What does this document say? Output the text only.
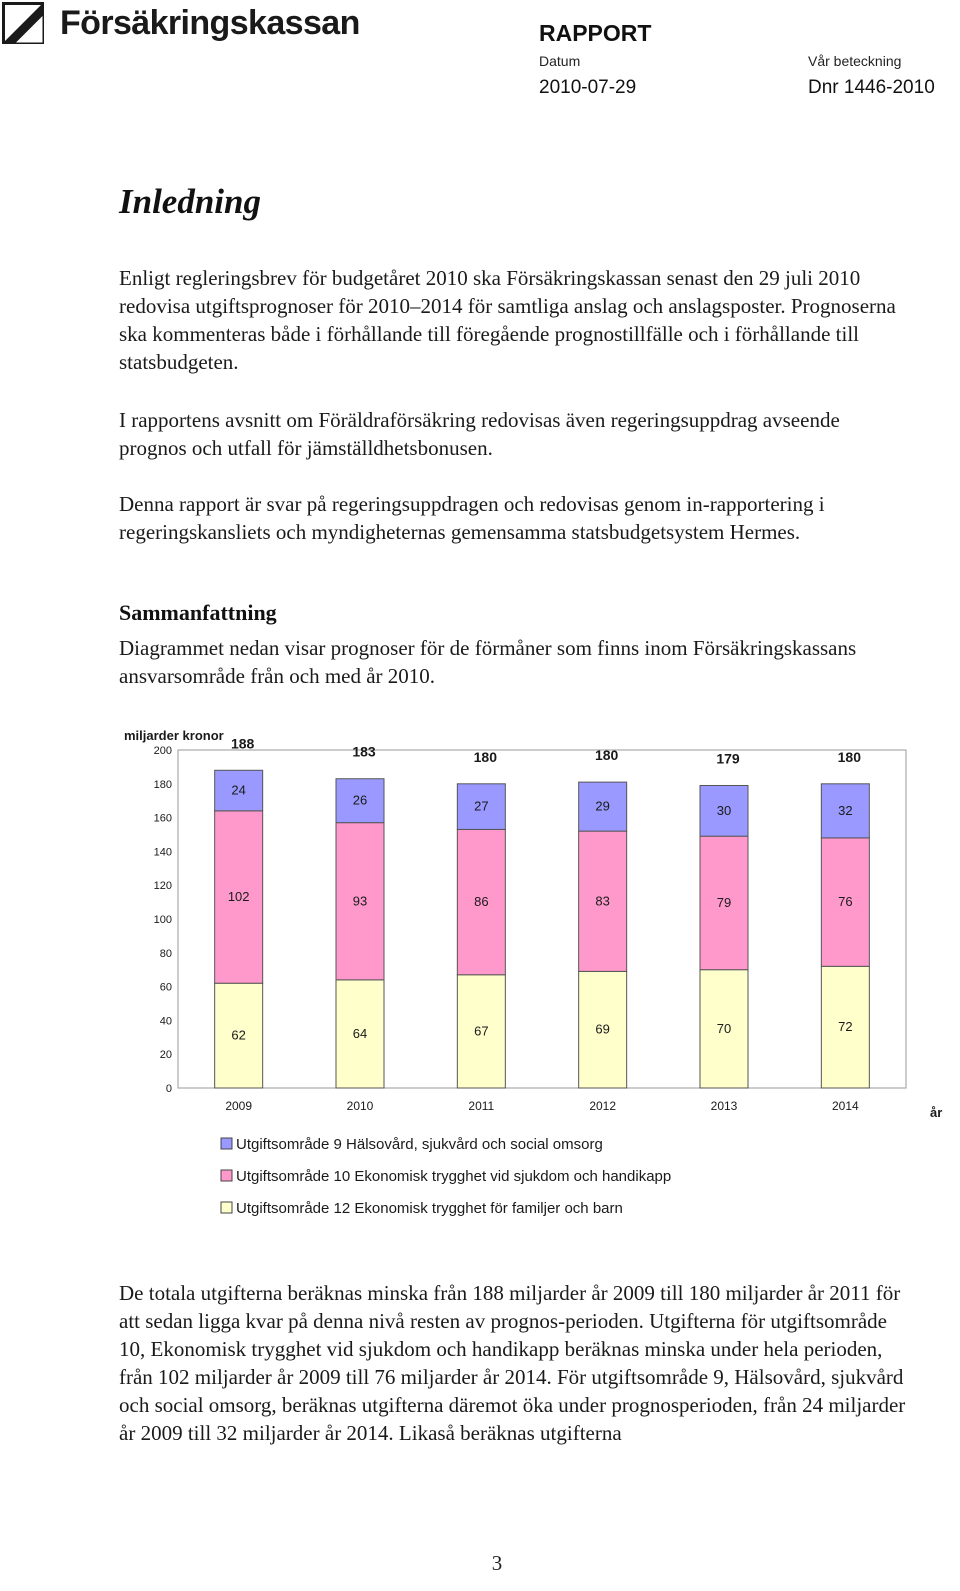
Försäkringskassan	RAPPORT
Datum	Vår beteckning
2010-07-29	Dnr 1446-2010
Inledning

Enligt regleringsbrev för budgetåret 2010 ska Försäkringskassan senast den 29 juli 2010 redovisa utgiftsprognoser för 2010–2014 för samtliga anslag och anslagsposter. Prognoserna ska kommenteras både i förhållande till föregående prognostillfälle och i förhållande till statsbudgeten.

I rapportens avsnitt om Föräldraförsäkring redovisas även regeringsuppdrag avseende prognos och utfall för jämställdhetsbonusen.

Denna rapport är svar på regeringsuppdragen och redovisas genom in-rapportering i regeringskansliets och myndigheternas gemensamma statsbudgetsystem Hermes.

Sammanfattning

Diagrammet nedan visar prognoser för de förmåner som finns inom Försäkringskassans ansvarsområde från och med år 2010.

miljarder kronor
0
20
40
60
80
100
120
140
160
180
200
62
102
24
188
2009
64
93
26
183
2010
67
86
27
180
2011
69
83
29
180
2012
70
79
30
179
2013
72
76
32
180
2014	år
Utgiftsområde 9 Hälsovård, sjukvård och social omsorg
Utgiftsområde 10 Ekonomisk trygghet vid sjukdom och handikapp
Utgiftsområde 12 Ekonomisk trygghet för familjer och barn

De totala utgifterna beräknas minska från 188 miljarder år 2009 till 180 miljarder år 2011 för att sedan ligga kvar på denna nivå resten av prognos-perioden. Utgifterna för utgiftsområde 10, Ekonomisk trygghet vid sjukdom och handikapp beräknas minska under hela perioden, från 102 miljarder år 2009 till 76 miljarder år 2014. För utgiftsområde 9, Hälsovård, sjukvård och social omsorg, beräknas utgifterna däremot öka under prognosperioden, från 24 miljarder år 2009 till 32 miljarder år 2014. Likaså beräknas utgifterna

3
